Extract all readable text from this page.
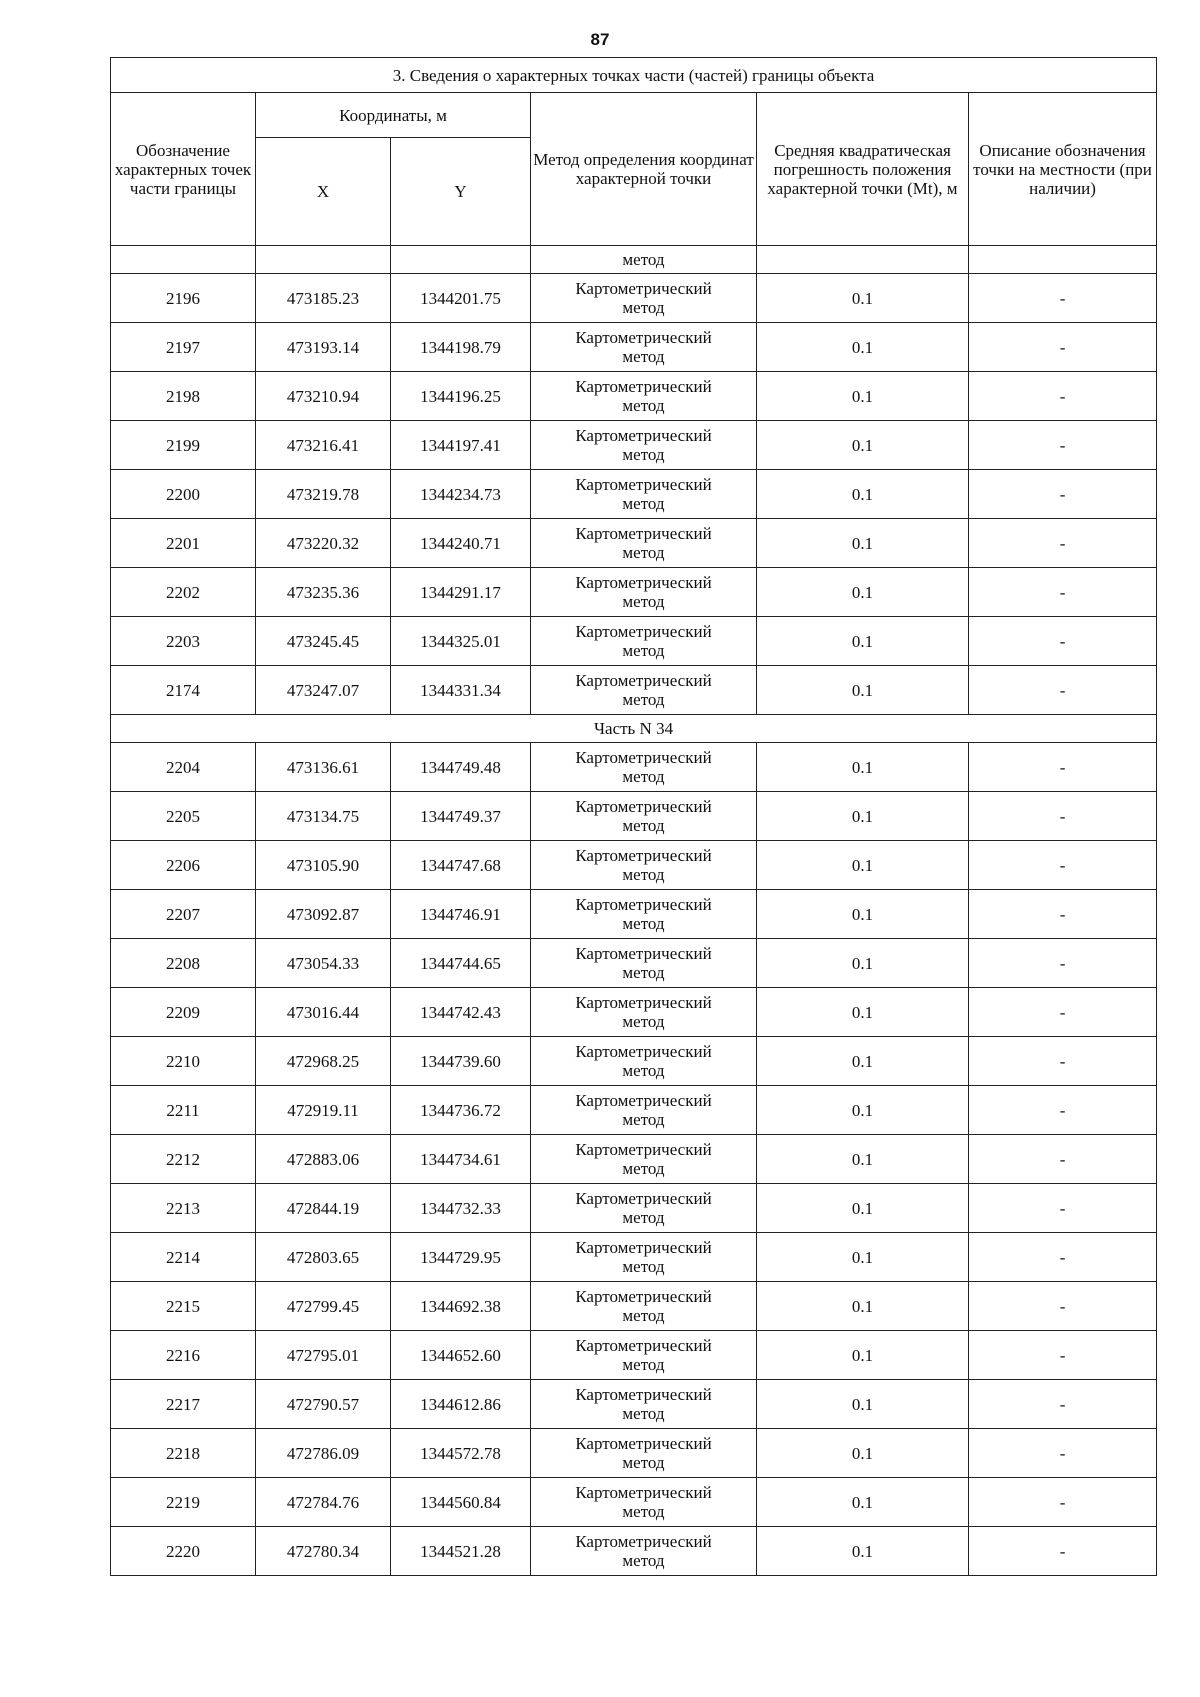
87
3. Сведения о характерных точках части (частей) границы объекта					
Обозначение характерных точек части границы	Координаты, м		Метод определения координат характерной точки	Средняя квадратическая погрешность положения характерной точки (Mt), м	Описание обозначения точки на местности (при наличии)
	X	Y			
			метод		
2196	473185.23	1344201.75	Картометрический
метод	0.1	-
2197	473193.14	1344198.79	Картометрический
метод	0.1	-
2198	473210.94	1344196.25	Картометрический
метод	0.1	-
2199	473216.41	1344197.41	Картометрический
метод	0.1	-
2200	473219.78	1344234.73	Картометрический
метод	0.1	-
2201	473220.32	1344240.71	Картометрический
метод	0.1	-
2202	473235.36	1344291.17	Картометрический
метод	0.1	-
2203	473245.45	1344325.01	Картометрический
метод	0.1	-
2174	473247.07	1344331.34	Картометрический
метод	0.1	-
Часть N 34					
2204	473136.61	1344749.48	Картометрический
метод	0.1	-
2205	473134.75	1344749.37	Картометрический
метод	0.1	-
2206	473105.90	1344747.68	Картометрический
метод	0.1	-
2207	473092.87	1344746.91	Картометрический
метод	0.1	-
2208	473054.33	1344744.65	Картометрический
метод	0.1	-
2209	473016.44	1344742.43	Картометрический
метод	0.1	-
2210	472968.25	1344739.60	Картометрический
метод	0.1	-
2211	472919.11	1344736.72	Картометрический
метод	0.1	-
2212	472883.06	1344734.61	Картометрический
метод	0.1	-
2213	472844.19	1344732.33	Картометрический
метод	0.1	-
2214	472803.65	1344729.95	Картометрический
метод	0.1	-
2215	472799.45	1344692.38	Картометрический
метод	0.1	-
2216	472795.01	1344652.60	Картометрический
метод	0.1	-
2217	472790.57	1344612.86	Картометрический
метод	0.1	-
2218	472786.09	1344572.78	Картометрический
метод	0.1	-
2219	472784.76	1344560.84	Картометрический
метод	0.1	-
2220	472780.34	1344521.28	Картометрический
метод	0.1	-
